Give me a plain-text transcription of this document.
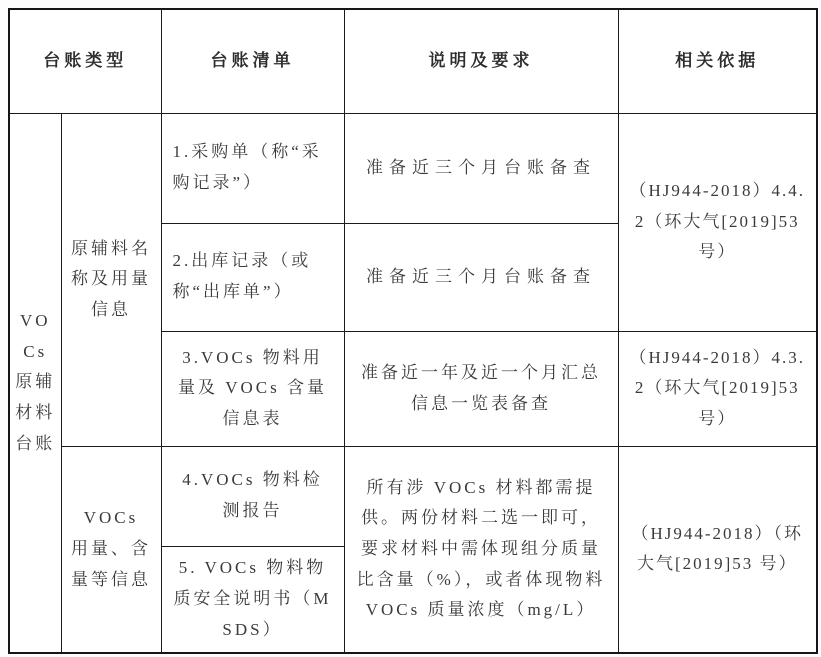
台账类型		台账清单	说明及要求	相关依据
VOCs 原辅材料台账	原辅料名称及用量信息	1.采购单（称“采购记录”）	准备近三个月台账备查	（HJ944-2018）4.4.2（环大气[2019]53 号）
		2.出库记录（或称“出库单”）	准备近三个月台账备查	
		3.VOCs 物料用量及 VOCs 含量信息表	准备近一年及近一个月汇总信息一览表备查	（HJ944-2018）4.3.2（环大气[2019]53 号）
	VOCs 用量、含量等信息	4.VOCs 物料检测报告	所有涉 VOCs 材料都需提供。两份材料二选一即可，要求材料中需体现组分质量比含量（%），或者体现物料 VOCs 质量浓度（mg/L）	（HJ944-2018）（环大气[2019]53 号）
		5. VOCs 物料物质安全说明书（MSDS）		
